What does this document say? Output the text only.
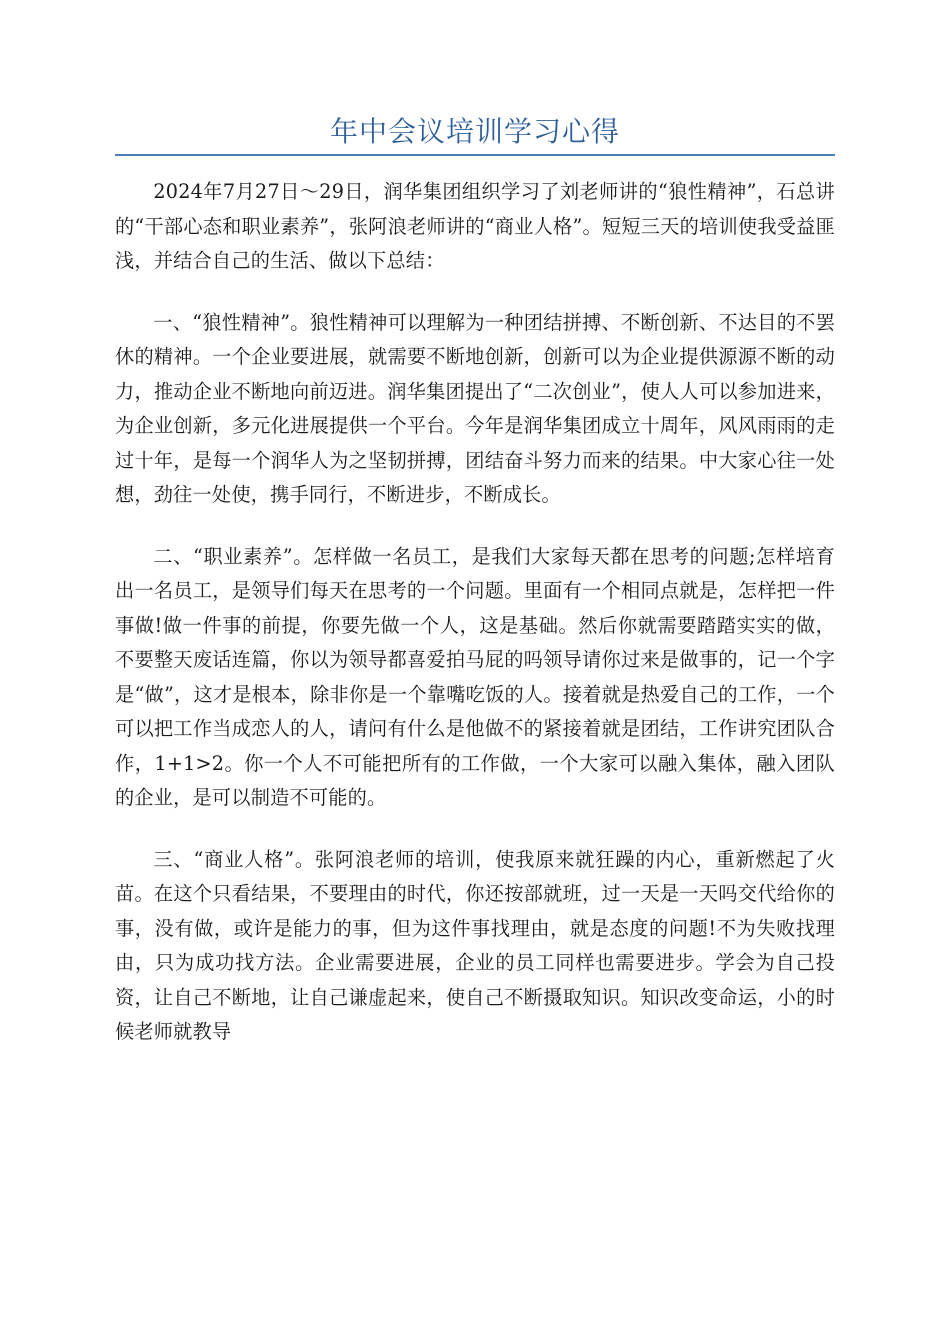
年中会议培训学习心得

2024年7月27日～29日，润华集团组织学习了刘老师讲的“狼性精神”，石总讲的“干部心态和职业素养”，张阿浪老师讲的“商业人格”。短短三天的培训使我受益匪浅，并结合自己的生活、做以下总结：

一、“狼性精神”。狼性精神可以理解为一种团结拼搏、不断创新、不达目的不罢休的精神。一个企业要进展，就需要不断地创新，创新可以为企业提供源源不断的动力，推动企业不断地向前迈进。润华集团提出了“二次创业”，使人人可以参加进来，为企业创新，多元化进展提供一个平台。今年是润华集团成立十周年，风风雨雨的走过十年，是每一个润华人为之坚韧拼搏，团结奋斗努力而来的结果。中大家心往一处想，劲往一处使，携手同行，不断进步，不断成长。

二、“职业素养”。怎样做一名员工，是我们大家每天都在思考的问题;怎样培育出一名员工，是领导们每天在思考的一个问题。里面有一个相同点就是，怎样把一件事做!做一件事的前提，你要先做一个人，这是基础。然后你就需要踏踏实实的做，不要整天废话连篇，你以为领导都喜爱拍马屁的吗领导请你过来是做事的，记一个字是“做”，这才是根本，除非你是一个靠嘴吃饭的人。接着就是热爱自己的工作，一个可以把工作当成恋人的人，请问有什么是他做不的紧接着就是团结，工作讲究团队合作，1+1>2。你一个人不可能把所有的工作做，一个大家可以融入集体，融入团队的企业，是可以制造不可能的。

三、“商业人格”。张阿浪老师的培训，使我原来就狂躁的内心，重新燃起了火苗。在这个只看结果，不要理由的时代，你还按部就班，过一天是一天吗交代给你的事，没有做，或许是能力的事，但为这件事找理由，就是态度的问题!不为失败找理由，只为成功找方法。企业需要进展，企业的员工同样也需要进步。学会为自己投资，让自己不断地，让自己谦虚起来，使自己不断摄取知识。知识改变命运，小的时候老师就教导
